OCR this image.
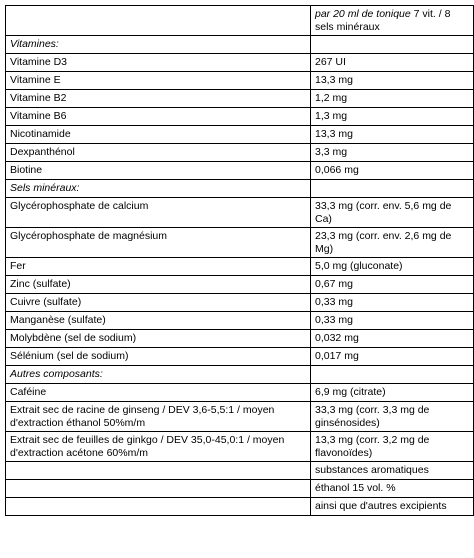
	par 20 ml de tonique 7 vit. / 8 sels minéraux
Vitamines:	
Vitamine D3	267 UI
Vitamine E	13,3 mg
Vitamine B2	1,2 mg
Vitamine B6	1,3 mg
Nicotinamide	13,3 mg
Dexpanthénol	3,3 mg
Biotine	0,066 mg
Sels minéraux:	
Glycérophosphate de calcium	33,3 mg (corr. env. 5,6 mg de Ca)
Glycérophosphate de magnésium	23,3 mg (corr. env. 2,6 mg de Mg)
Fer	5,0 mg (gluconate)
Zinc (sulfate)	0,67 mg
Cuivre (sulfate)	0,33 mg
Manganèse (sulfate)	0,33 mg
Molybdène (sel de sodium)	0,032 mg
Sélénium (sel de sodium)	0,017 mg
Autres composants:	
Caféine	6,9 mg (citrate)
Extrait sec de racine de ginseng / DEV 3,6-5,5:1 / moyen d'extraction éthanol 50%m/m	33,3 mg (corr. 3,3 mg de ginsénosides)
Extrait sec de feuilles de ginkgo / DEV 35,0-45,0:1 / moyen d'extraction acétone 60%m/m	13,3 mg (corr. 3,2 mg de flavonoïdes)
	substances aromatiques
	éthanol 15 vol. %
	ainsi que d'autres excipients
